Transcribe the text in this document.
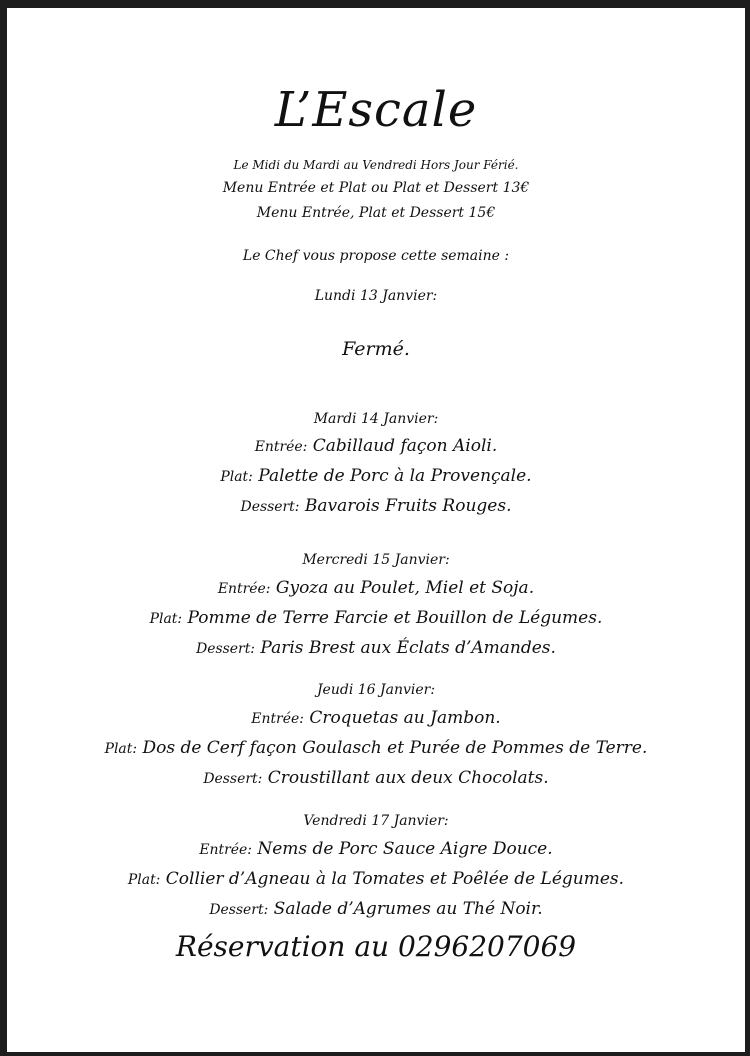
L’Escale
Le Midi du Mardi au Vendredi Hors Jour Férié.
Menu Entrée et Plat ou Plat et Dessert 13€
Menu Entrée, Plat et Dessert 15€
Le Chef vous propose cette semaine :
Lundi 13 Janvier:
Fermé.
Mardi 14 Janvier:
Entrée: Cabillaud façon Aioli.
Plat: Palette de Porc à la Provençale.
Dessert: Bavarois Fruits Rouges.
Mercredi 15 Janvier:
Entrée: Gyoza au Poulet, Miel et Soja.
Plat: Pomme de Terre Farcie et Bouillon de Légumes.
Dessert: Paris Brest aux Éclats d’Amandes.
Jeudi 16 Janvier:
Entrée: Croquetas au Jambon.
Plat: Dos de Cerf façon Goulasch et Purée de Pommes de Terre.
Dessert: Croustillant aux deux Chocolats.
Vendredi 17 Janvier:
Entrée: Nems de Porc Sauce Aigre Douce.
Plat: Collier d’Agneau à la Tomates et Poêlée de Légumes.
Dessert: Salade d’Agrumes au Thé Noir.
Réservation au 0296207069
